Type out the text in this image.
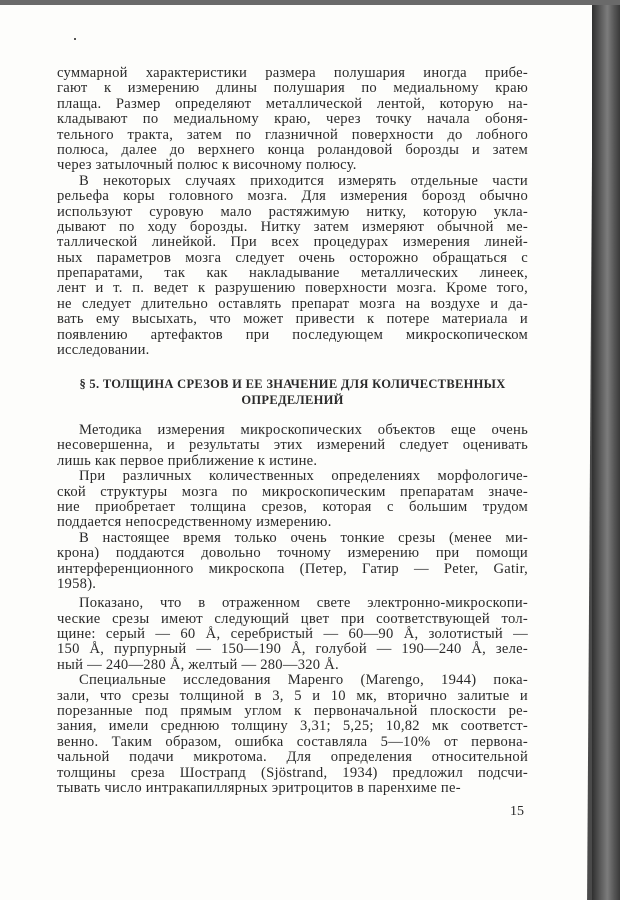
суммарной характеристики размера полушария иногда прибе-
гают к измерению длины полушария по медиальному краю
плаща. Размер определяют металлической лентой, которую на-
кладывают по медиальному краю, через точку начала обоня-
тельного тракта, затем по глазничной поверхности до лобного
полюса, далее до верхнего конца роландовой борозды и затем
через затылочный полюс к височному полюсу.
В некоторых случаях приходится измерять отдельные части
рельефа коры головного мозга. Для измерения борозд обычно
используют суровую мало растяжимую нитку, которую укла-
дывают по ходу борозды. Нитку затем измеряют обычной ме-
таллической линейкой. При всех процедурах измерения линей-
ных параметров мозга следует очень осторожно обращаться с
препаратами, так как накладывание металлических линеек,
лент и т. п. ведет к разрушению поверхности мозга. Кроме того,
не следует длительно оставлять препарат мозга на воздухе и да-
вать ему высыхать, что может привести к потере материала и
появлению артефактов при последующем микроскопическом
исследовании.
§ 5. ТОЛЩИНА СРЕЗОВ И ЕЕ ЗНАЧЕНИЕ ДЛЯ КОЛИЧЕСТВЕННЫХ
ОПРЕДЕЛЕНИЙ
Методика измерения микроскопических объектов еще очень
несовершенна, и результаты этих измерений следует оценивать
лишь как первое приближение к истине.
При различных количественных определениях морфологиче-
ской структуры мозга по микроскопическим препаратам значе-
ние приобретает толщина срезов, которая с большим трудом
поддается непосредственному измерению.
В настоящее время только очень тонкие срезы (менее ми-
крона) поддаются довольно точному измерению при помощи
интерференционного микроскопа (Петер, Гатир — Peter, Gatir,
1958).
Показано, что в отраженном свете электронно-микроскопи-
ческие срезы имеют следующий цвет при соответствующей тол-
щине: серый — 60 Å, серебристый — 60—90 Å, золотистый —
150 Å, пурпурный — 150—190 Å, голубой — 190—240 Å, зеле-
ный — 240—280 Å, желтый — 280—320 Å.
Специальные исследования Маренго (Marengo, 1944) пока-
зали, что срезы толщиной в 3, 5 и 10 мк, вторично залитые и
порезанные под прямым углом к первоначальной плоскости ре-
зания, имели среднюю толщину 3,31; 5,25; 10,82 мк соответст-
венно. Таким образом, ошибка составляла 5—10% от первона-
чальной подачи микротома. Для определения относительной
толщины среза Шострапд (Sjöstrand, 1934) предложил подсчи-
тывать число интракапиллярных эритроцитов в паренхиме пе-
15
